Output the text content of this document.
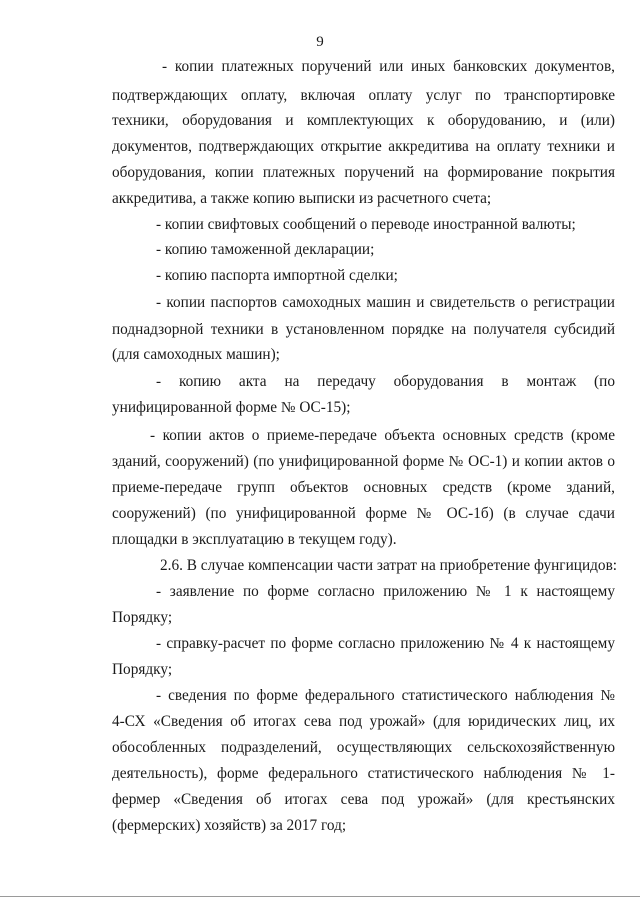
9
- копии платежных поручений или иных банковских документов,
подтверждающих оплату, включая оплату услуг по транспортировке
техники, оборудования и комплектующих к оборудованию, и (или)
документов, подтверждающих открытие аккредитива на оплату техники и
оборудования, копии платежных поручений на формирование покрытия
аккредитива, а также копию выписки из расчетного счета;
- копии свифтовых сообщений о переводе иностранной валюты;
- копию таможенной декларации;
- копию паспорта импортной сделки;
- копии паспортов самоходных машин и свидетельств о регистрации
поднадзорной техники в установленном порядке на получателя субсидий
(для самоходных машин);
- копию акта на передачу оборудования в монтаж (по
унифицированной форме № ОС-15);
- копии актов о приеме-передаче объекта основных средств (кроме
зданий, сооружений) (по унифицированной форме № ОС-1) и копии актов о
приеме-передаче групп объектов основных средств (кроме зданий,
сооружений) (по унифицированной форме № ОС-1б) (в случае сдачи
площадки в эксплуатацию в текущем году).
2.6. В случае компенсации части затрат на приобретение фунгицидов:
- заявление по форме согласно приложению № 1 к настоящему
Порядку;
- справку-расчет по форме согласно приложению № 4 к настоящему
Порядку;
- сведения по форме федерального статистического наблюдения №
4-СХ «Сведения об итогах сева под урожай» (для юридических лиц, их
обособленных подразделений, осуществляющих сельскохозяйственную
деятельность), форме федерального статистического наблюдения № 1-
фермер «Сведения об итогах сева под урожай» (для крестьянских
(фермерских) хозяйств) за 2017 год;
